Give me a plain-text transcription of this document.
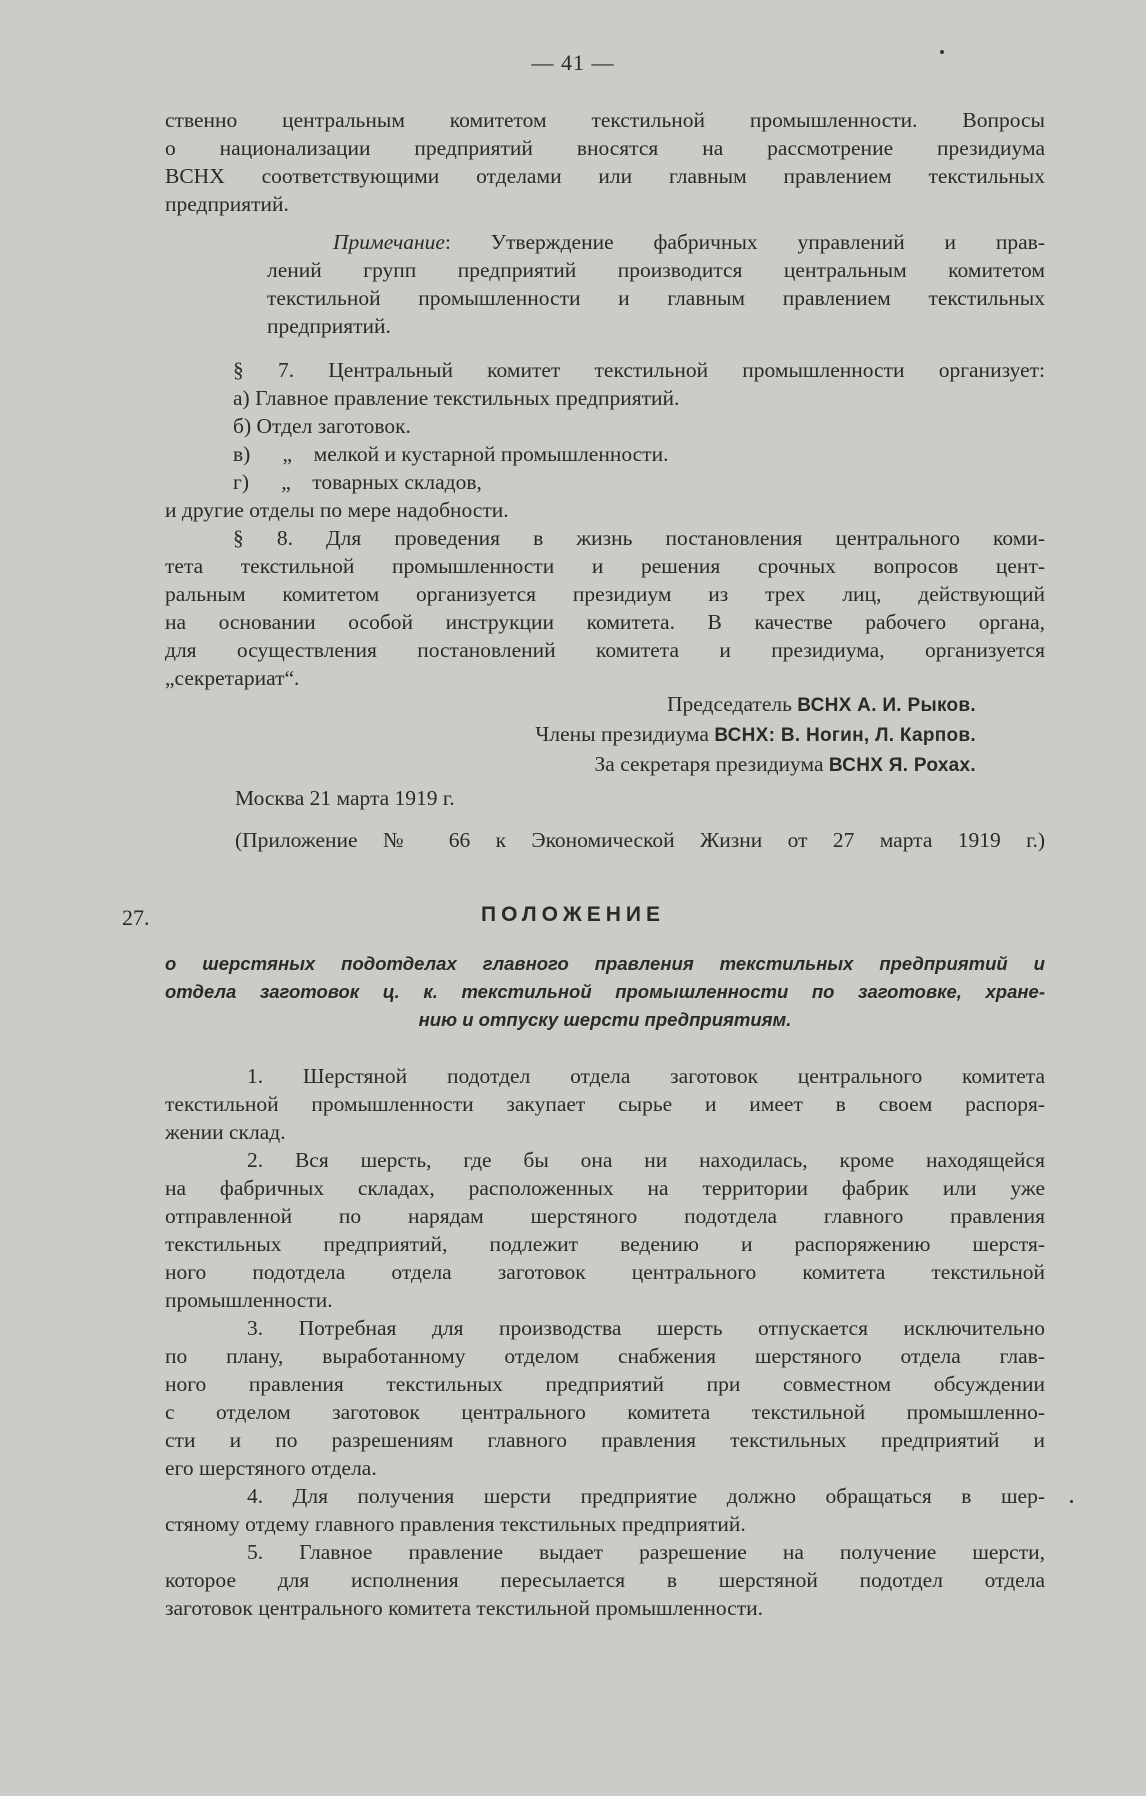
— 41 —
ственно центральным комитетом текстильной промышленности. Вопросы
о национализации предприятий вносятся на рассмотрение президиума
ВСНХ соответствующими отделами или главным правлением текстильных
предприятий.
Примечание: Утверждение фабричных управлений и прав-
лений групп предприятий производится центральным комитетом
текстильной промышленности и главным правлением текстильных
предприятий.
§ 7. Центральный комитет текстильной промышленности организует:
а) Главное правление текстильных предприятий.
б) Отдел заготовок.
в)      „    мелкой и кустарной промышленности.
г)      „    товарных складов,
и другие отделы по мере надобности.
§ 8. Для проведения в жизнь постановления центрального коми-
тета текстильной промышленности и решения срочных вопросов цент-
ральным комитетом организуется президиум из трех лиц, действующий
на основании особой инструкции комитета. В качестве рабочего органа,
для осуществления постановлений комитета и президиума, организуется
„секретариат“.
Председатель ВСНХ А. И. Рыков.
Члены президиума ВСНХ: В. Ногин, Л. Карпов.
За секретаря президиума ВСНХ Я. Рохах.
Москва 21 марта 1919 г.
(Приложение № 66 к Экономической Жизни от 27 марта 1919 г.)
27.	ПОЛОЖЕНИЕ
о шерстяных подотделах главного правления текстильных предприятий и
отдела заготовок ц. к. текстильной промышленности по заготовке, хране-
нию и отпуску шерсти предприятиям.
1. Шерстяной подотдел отдела заготовок центрального комитета
текстильной промышленности закупает сырье и имеет в своем распоря-
жении склад.
2. Вся шерсть, где бы она ни находилась, кроме находящейся
на фабричных складах, расположенных на территории фабрик или уже
отправленной по нарядам шерстяного подотдела главного правления
текстильных предприятий, подлежит ведению и распоряжению шерстя-
ного подотдела отдела заготовок центрального комитета текстильной
промышленности.
3. Потребная для производства шерсть отпускается исключительно
по плану, выработанному отделом снабжения шерстяного отдела глав-
ного правления текстильных предприятий при совместном обсуждении
с отделом заготовок центрального комитета текстильной промышленно-
сти и по разрешениям главного правления текстильных предприятий и
его шерстяного отдела.
4. Для получения шерсти предприятие должно обращаться в шер-
стяному отдему главного правления текстильных предприятий.
5. Главное правление выдает разрешение на получение шерсти,
которое для исполнения пересылается в шерстяной подотдел отдела
заготовок центрального комитета текстильной промышленности.
